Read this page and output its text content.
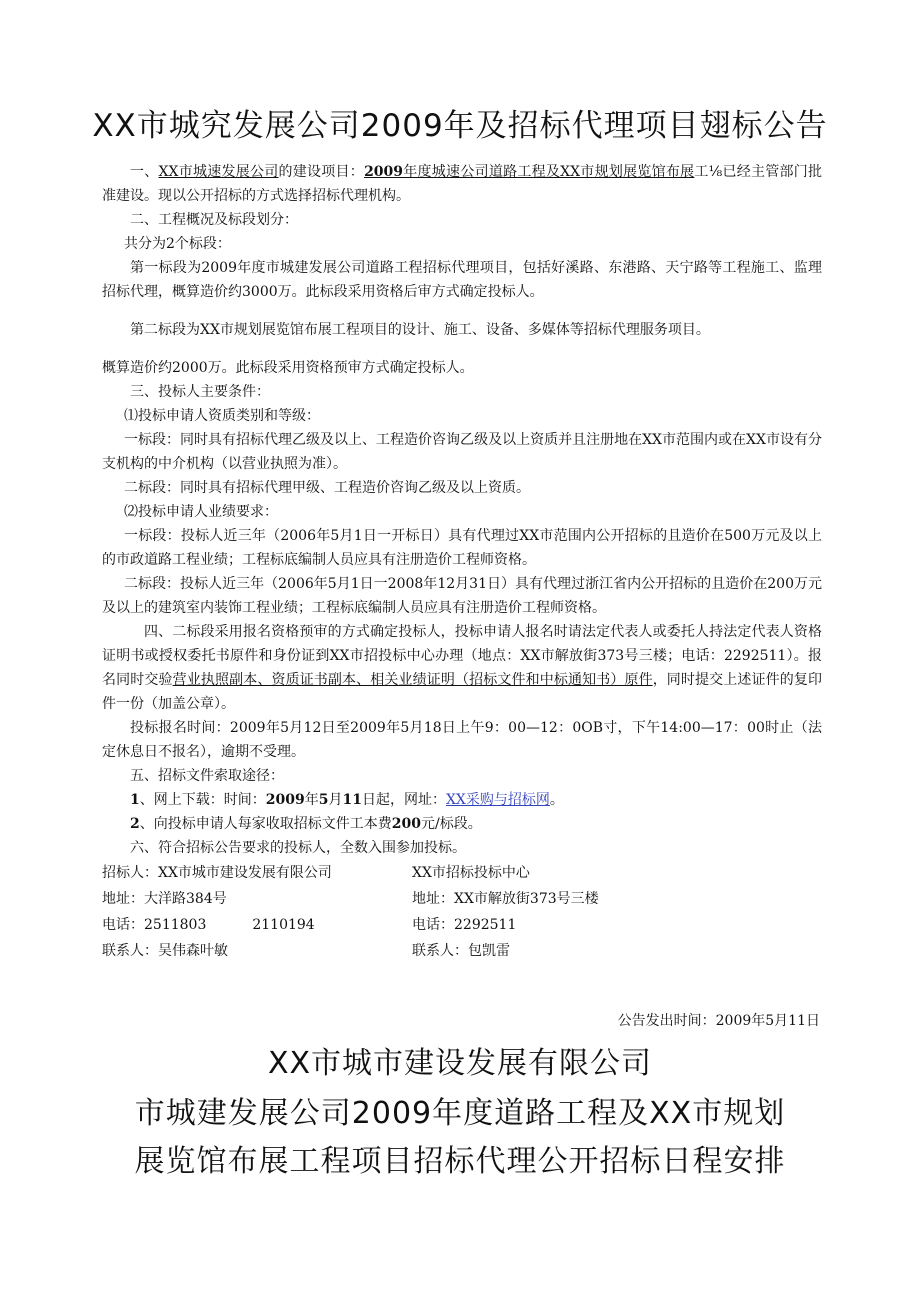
XX市城究发展公司2009年及招标代理项目翅标公告

一、XX市城速发展公司的建设项目：2009年度城速公司道路工程及XX市规划展览馆布展工⅛已经主管部门批准建设。现以公开招标的方式选择招标代理机构。

二、工程概况及标段划分：

共分为2个标段：

第一标段为2009年度市城建发展公司道路工程招标代理项目，包括好溪路、东港路、天宁路等工程施工、监理招标代理，概算造价约3000万。此标段采用资格后审方式确定投标人。

第二标段为XX市规划展览馆布展工程项目的设计、施工、设备、多媒体等招标代理服务项目。

概算造价约2000万。此标段采用资格预审方式确定投标人。

三、投标人主要条件：

⑴投标申请人资质类别和等级：

一标段：同时具有招标代理乙级及以上、工程造价咨询乙级及以上资质并且注册地在XX市范围内或在XX市设有分支机构的中介机构（以营业执照为准）。

二标段：同时具有招标代理甲级、工程造价咨询乙级及以上资质。

⑵投标申请人业绩要求：

一标段：投标人近三年（2006年5月1日一开标日）具有代理过XX市范围内公开招标的且造价在500万元及以上的市政道路工程业绩；工程标底编制人员应具有注册造价工程师资格。

二标段：投标人近三年（2006年5月1日一2008年12月31日）具有代理过浙江省内公开招标的且造价在200万元及以上的建筑室内装饰工程业绩；工程标底编制人员应具有注册造价工程师资格。

四、二标段采用报名资格预审的方式确定投标人，投标申请人报名时请法定代表人或委托人持法定代表人资格证明书或授权委托书原件和身份证到XX市招投标中心办理（地点：XX市解放街373号三楼；电话：2292511）。报名同时交验营业执照副本、资质证书副本、相关业绩证明（招标文件和中标通知书）原件，同时提交上述证件的复印件一份（加盖公章）。

投标报名时间：2009年5月12日至2009年5月18日上午9：00—12：0OB寸，下午14:00—17：00时止（法定休息日不报名），逾期不受理。

五、招标文件索取途径：

1、网上下载：时间：2009年5月11日起，网址：XX采购与招标网。

2、向投标申请人每家收取招标文件工本费200元/标段。

六、符合招标公告要求的投标人，全数入围参加投标。

招标人：XX市城市建设发展有限公司
地址：大洋路384号
电话：2511803	2110194
联系人：吴伟森叶敏
XX市招标投标中心
地址：XX市解放街373号三楼
电话：2292511
联系人：包凯雷
公告发出时间：2009年5月11日
XX市城市建设发展有限公司
市城建发展公司2009年度道路工程及XX市规划
展览馆布展工程项目招标代理公开招标日程安排
